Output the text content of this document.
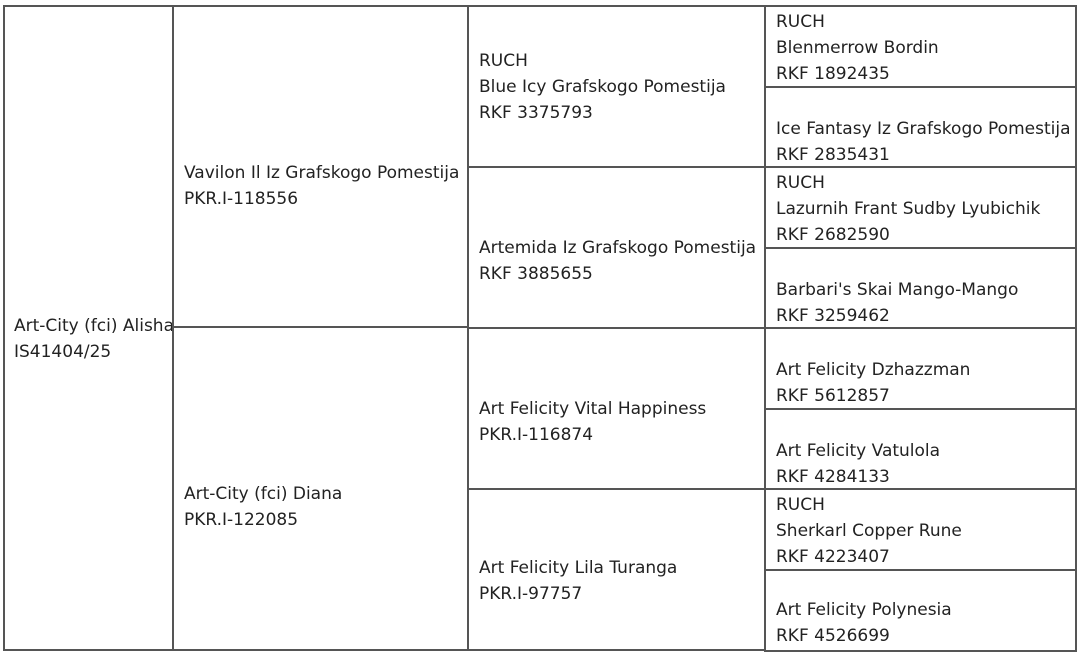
Art-City (fci) Alisha
IS41404/25
Vavilon Il Iz Grafskogo Pomestija
PKR.I-118556
Art-City (fci) Diana
PKR.I-122085
RUCH
Blue Icy Grafskogo Pomestija
RKF 3375793
Artemida Iz Grafskogo Pomestija
RKF 3885655
Art Felicity Vital Happiness
PKR.I-116874
Art Felicity Lila Turanga
PKR.I-97757
RUCH
Blenmerrow Bordin
RKF 1892435
Ice Fantasy Iz Grafskogo Pomestija
RKF 2835431
RUCH
Lazurnih Frant Sudby Lyubichik
RKF 2682590
Barbari's Skai Mango-Mango
RKF 3259462
Art Felicity Dzhazzman
RKF 5612857
Art Felicity Vatulola
RKF 4284133
RUCH
Sherkarl Copper Rune
RKF 4223407
Art Felicity Polynesia
RKF 4526699
